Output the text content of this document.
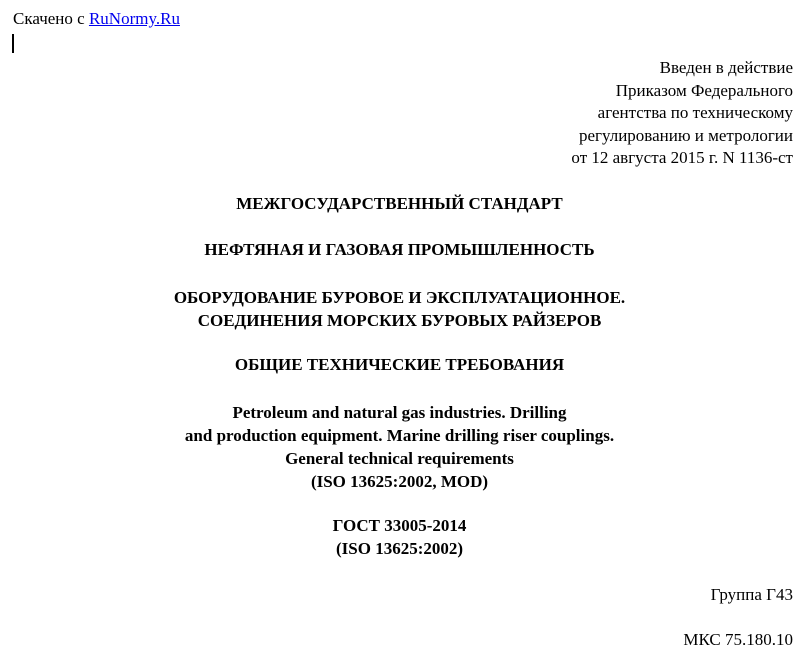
Скачено с RuNormy.Ru
Введен в действие
Приказом Федерального
агентства по техническому
регулированию и метрологии
от 12 августа 2015 г. N 1136-ст
МЕЖГОСУДАРСТВЕННЫЙ СТАНДАРТ
НЕФТЯНАЯ И ГАЗОВАЯ ПРОМЫШЛЕННОСТЬ
ОБОРУДОВАНИЕ БУРОВОЕ И ЭКСПЛУАТАЦИОННОЕ.
СОЕДИНЕНИЯ МОРСКИХ БУРОВЫХ РАЙЗЕРОВ
ОБЩИЕ ТЕХНИЧЕСКИЕ ТРЕБОВАНИЯ
Petroleum and natural gas industries. Drilling
and production equipment. Marine drilling riser couplings.
General technical requirements
(ISO 13625:2002, MOD)
ГОСТ 33005-2014
(ISO 13625:2002)
Группа Г43
МКС 75.180.10
